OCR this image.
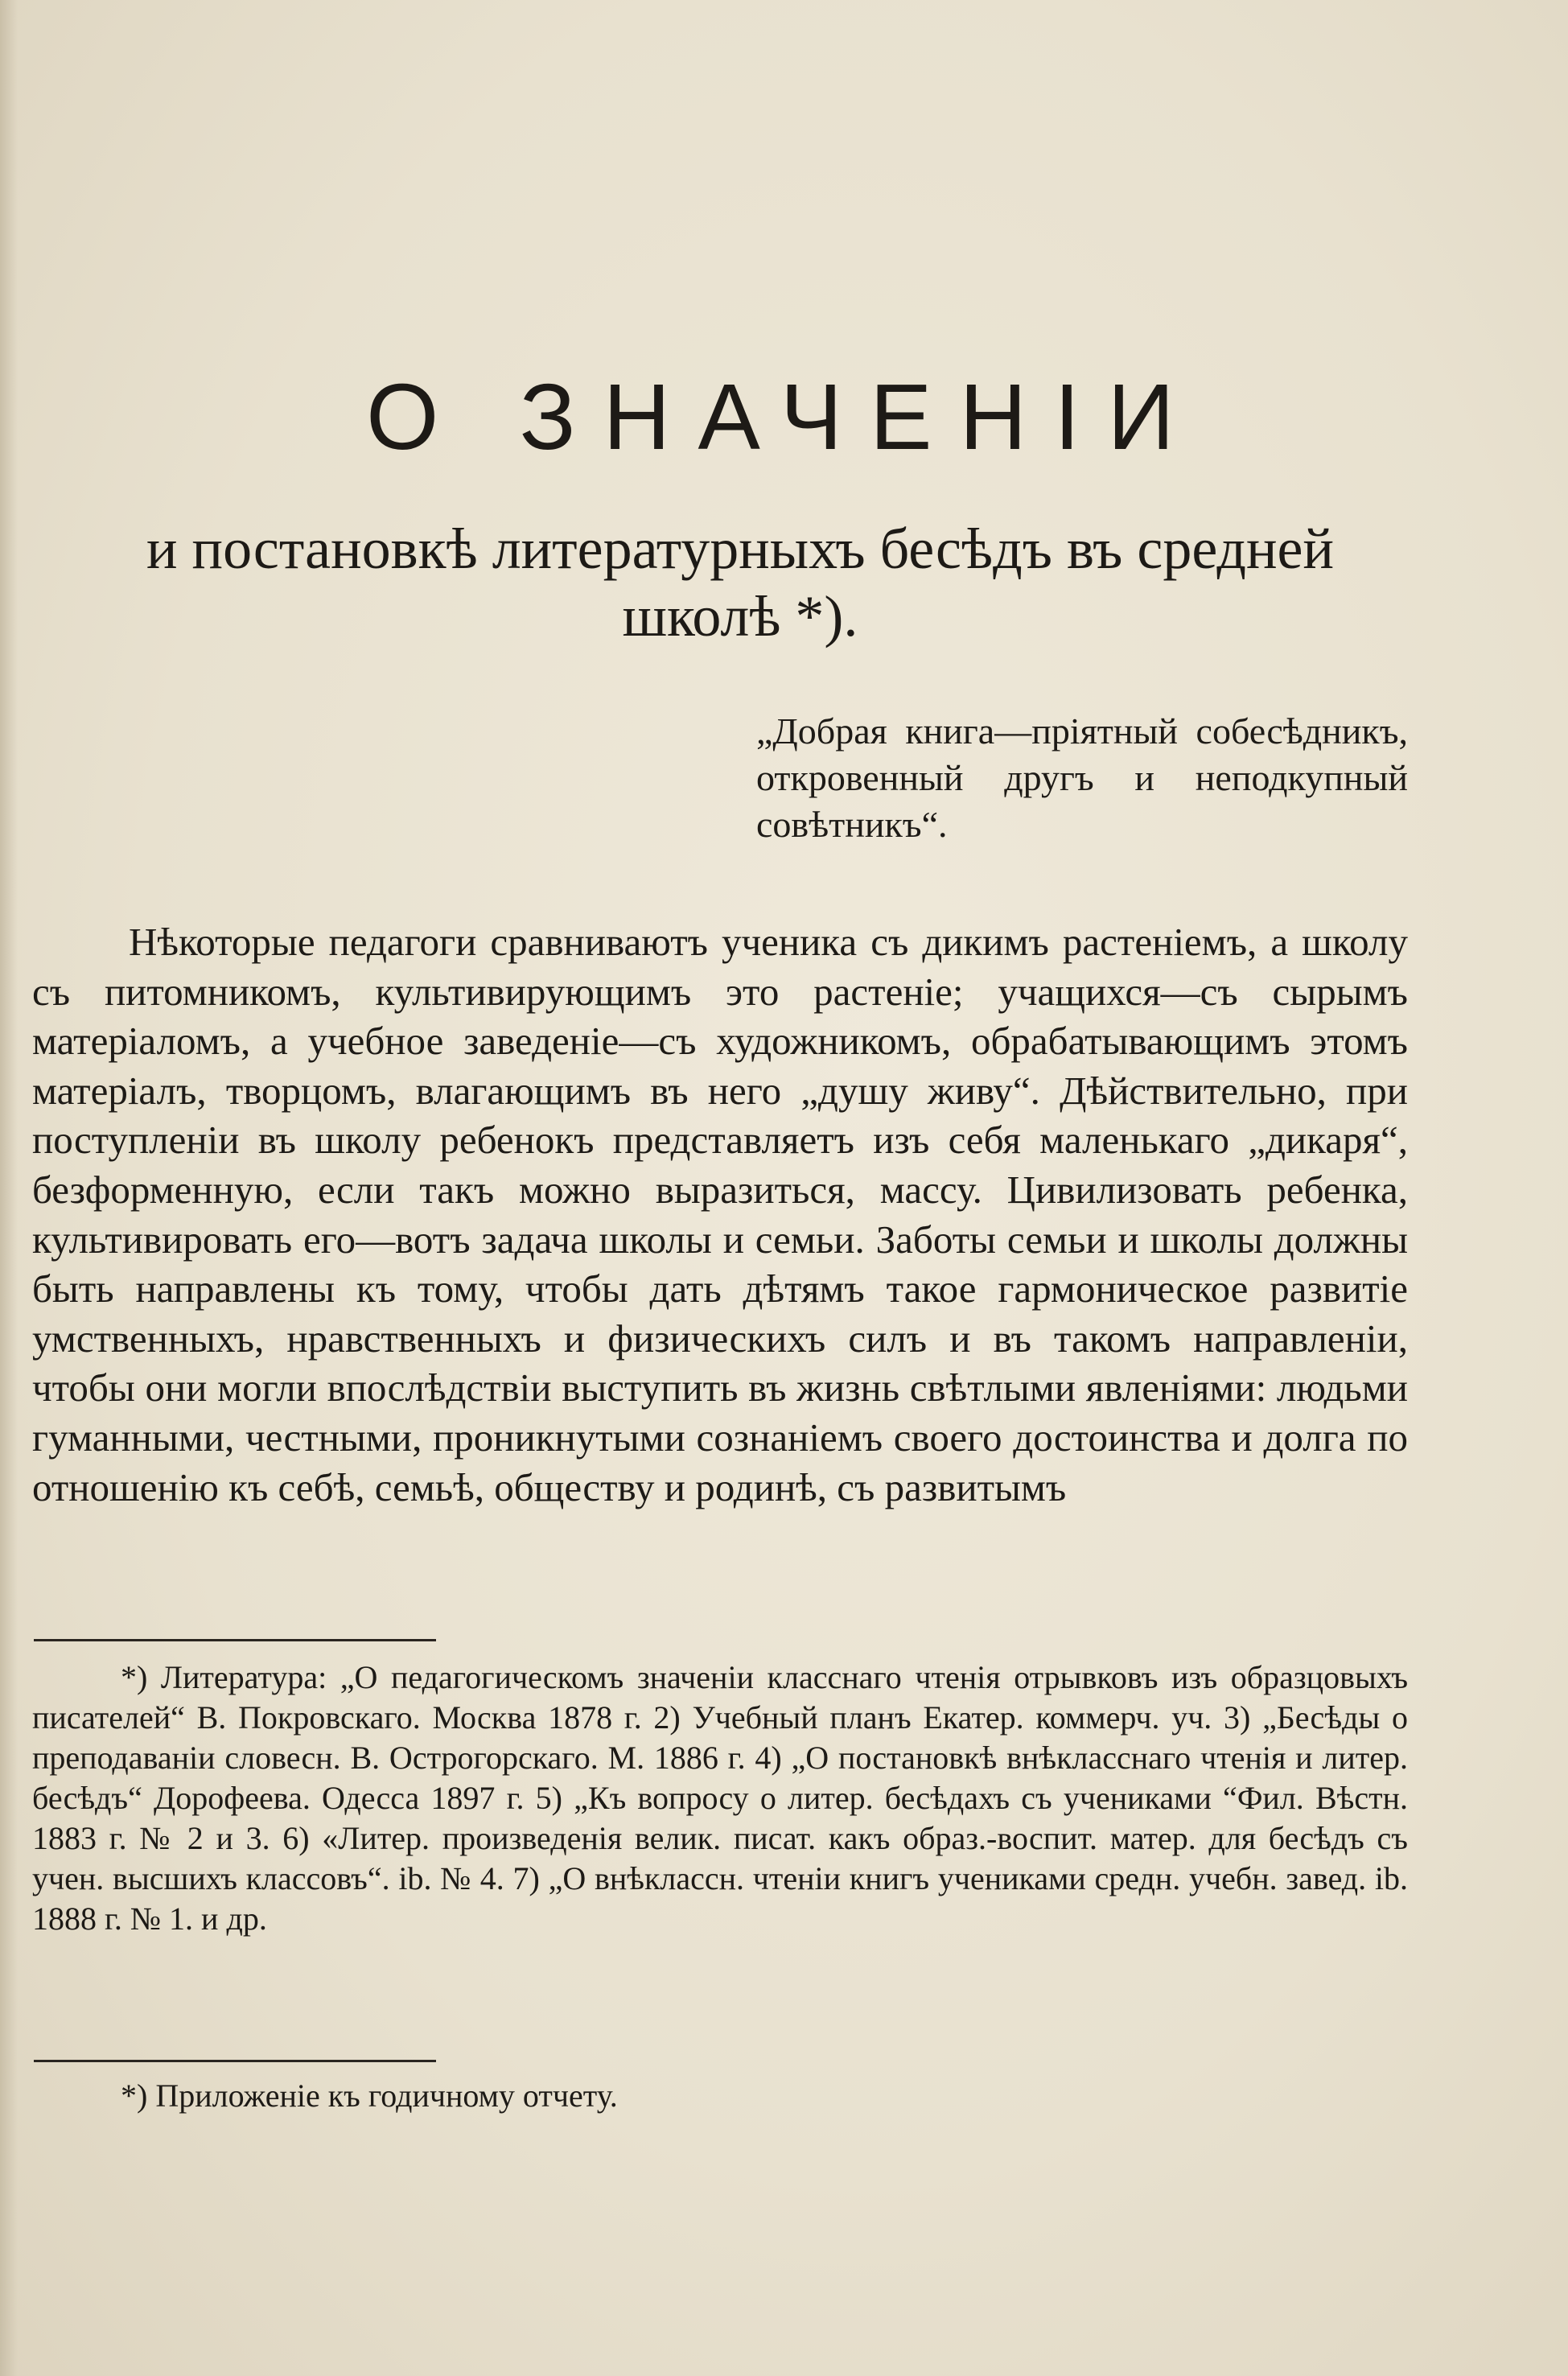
О ЗНАЧЕНІИ
и постановкѣ литературныхъ бесѣдъ въ средней школѣ *).
„Добрая книга—пріятный собесѣдникъ, откровенный другъ и неподкупный совѣтникъ“.

Нѣкоторые педагоги сравниваютъ ученика съ дикимъ растеніемъ, а школу съ питомникомъ, культивирующимъ это растеніе; учащихся—съ сырымъ матеріаломъ, а учебное заведеніе—съ художникомъ, обрабатывающимъ этомъ матеріалъ, творцомъ, влагающимъ въ него „душу живу“. Дѣйствительно, при поступленіи въ школу ребенокъ представляетъ изъ себя маленькаго „дикаря“, безформенную, если такъ можно выразиться, массу. Цивилизовать ребенка, культивировать его—вотъ задача школы и семьи. Заботы семьи и школы должны быть направлены къ тому, чтобы дать дѣтямъ такое гармоническое развитіе умственныхъ, нравственныхъ и физическихъ силъ и въ такомъ направленіи, чтобы они могли впослѣдствіи выступить въ жизнь свѣтлыми явленіями: людьми гуманными, честными, проникнутыми сознаніемъ своего достоинства и долга по отношенію къ себѣ, семьѣ, обществу и родинѣ, съ развитымъ

*) Литература: „О педагогическомъ значеніи класснаго чтенія отрывковъ изъ образцовыхъ писателей“ В. Покровскаго. Москва 1878 г. 2) Учебный планъ Екатер. коммерч. уч. 3) „Бесѣды о преподаваніи словесн. В. Острогорскаго. М. 1886 г. 4) „О постановкѣ внѣкласснаго чтенія и литер. бесѣдъ“ Дорофеева. Одесса 1897 г. 5) „Къ вопросу о литер. бесѣдахъ съ учениками “Фил. Вѣстн. 1883 г. № 2 и 3. 6) «Литер. произведенія велик. писат. какъ образ.-воспит. матер. для бесѣдъ съ учен. высшихъ классовъ“. ib. № 4. 7) „О внѣклассн. чтеніи книгъ учениками средн. учебн. завед. ib. 1888 г. № 1. и др.

*) Приложеніе къ годичному отчету.
